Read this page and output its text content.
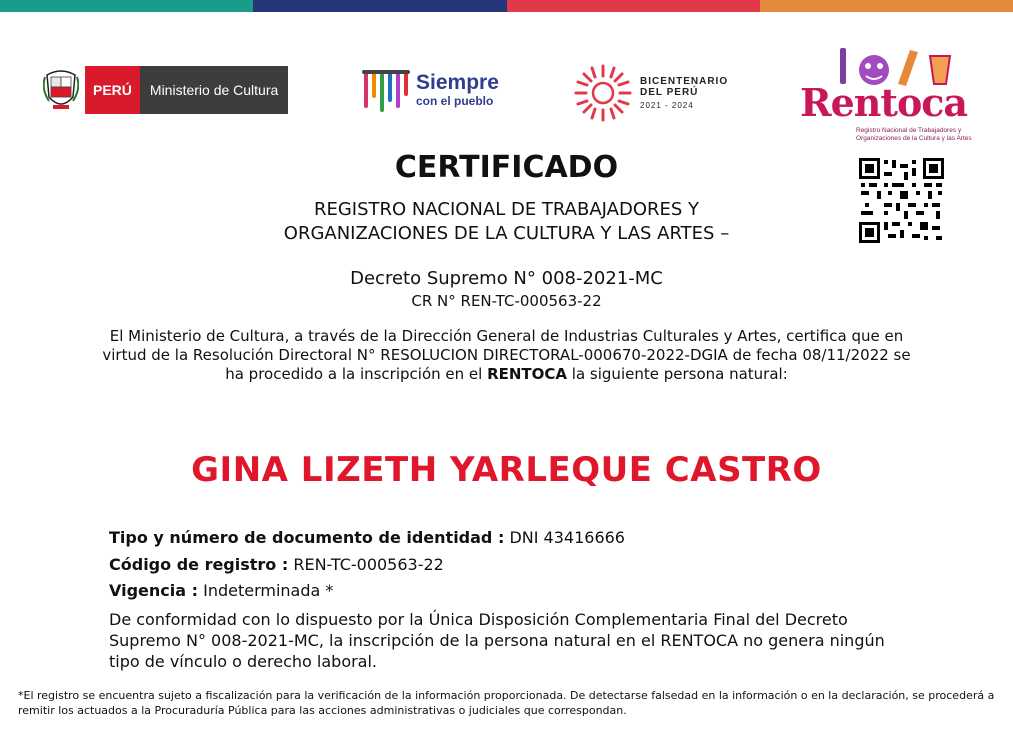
PERÚ	Ministerio de Cultura	Siempre
con el pueblo
BICENTENARIO
DEL PERÚ
2021 - 2024	Rentoca
Registro Nacional de Trabajadores y Organizaciones de la Cultura y las Artes
CERTIFICADO
REGISTRO NACIONAL DE TRABAJADORES Y
ORGANIZACIONES DE LA CULTURA Y LAS ARTES –
Decreto Supremo N° 008-2021-MC
CR N° REN-TC-000563-22
El Ministerio de Cultura, a través de la Dirección General de Industrias Culturales y Artes, certifica que en virtud de la Resolución Directoral N° RESOLUCION DIRECTORAL-000670-2022-DGIA de fecha 08/11/2022 se ha procedido a la inscripción en el RENTOCA la siguiente persona natural:
GINA LIZETH YARLEQUE CASTRO
Tipo y número de documento de identidad : DNI 43416666
Código de registro : REN-TC-000563-22
Vigencia : Indeterminada *
De conformidad con lo dispuesto por la Única Disposición Complementaria Final del Decreto Supremo N° 008-2021-MC, la inscripción de la persona natural en el RENTOCA no genera ningún tipo de vínculo o derecho laboral.
*El registro se encuentra sujeto a fiscalización para la verificación de la información proporcionada. De detectarse falsedad en la información o en la declaración, se procederá a remitir los actuados a la Procuraduría Pública para las acciones administrativas o judiciales que correspondan.
